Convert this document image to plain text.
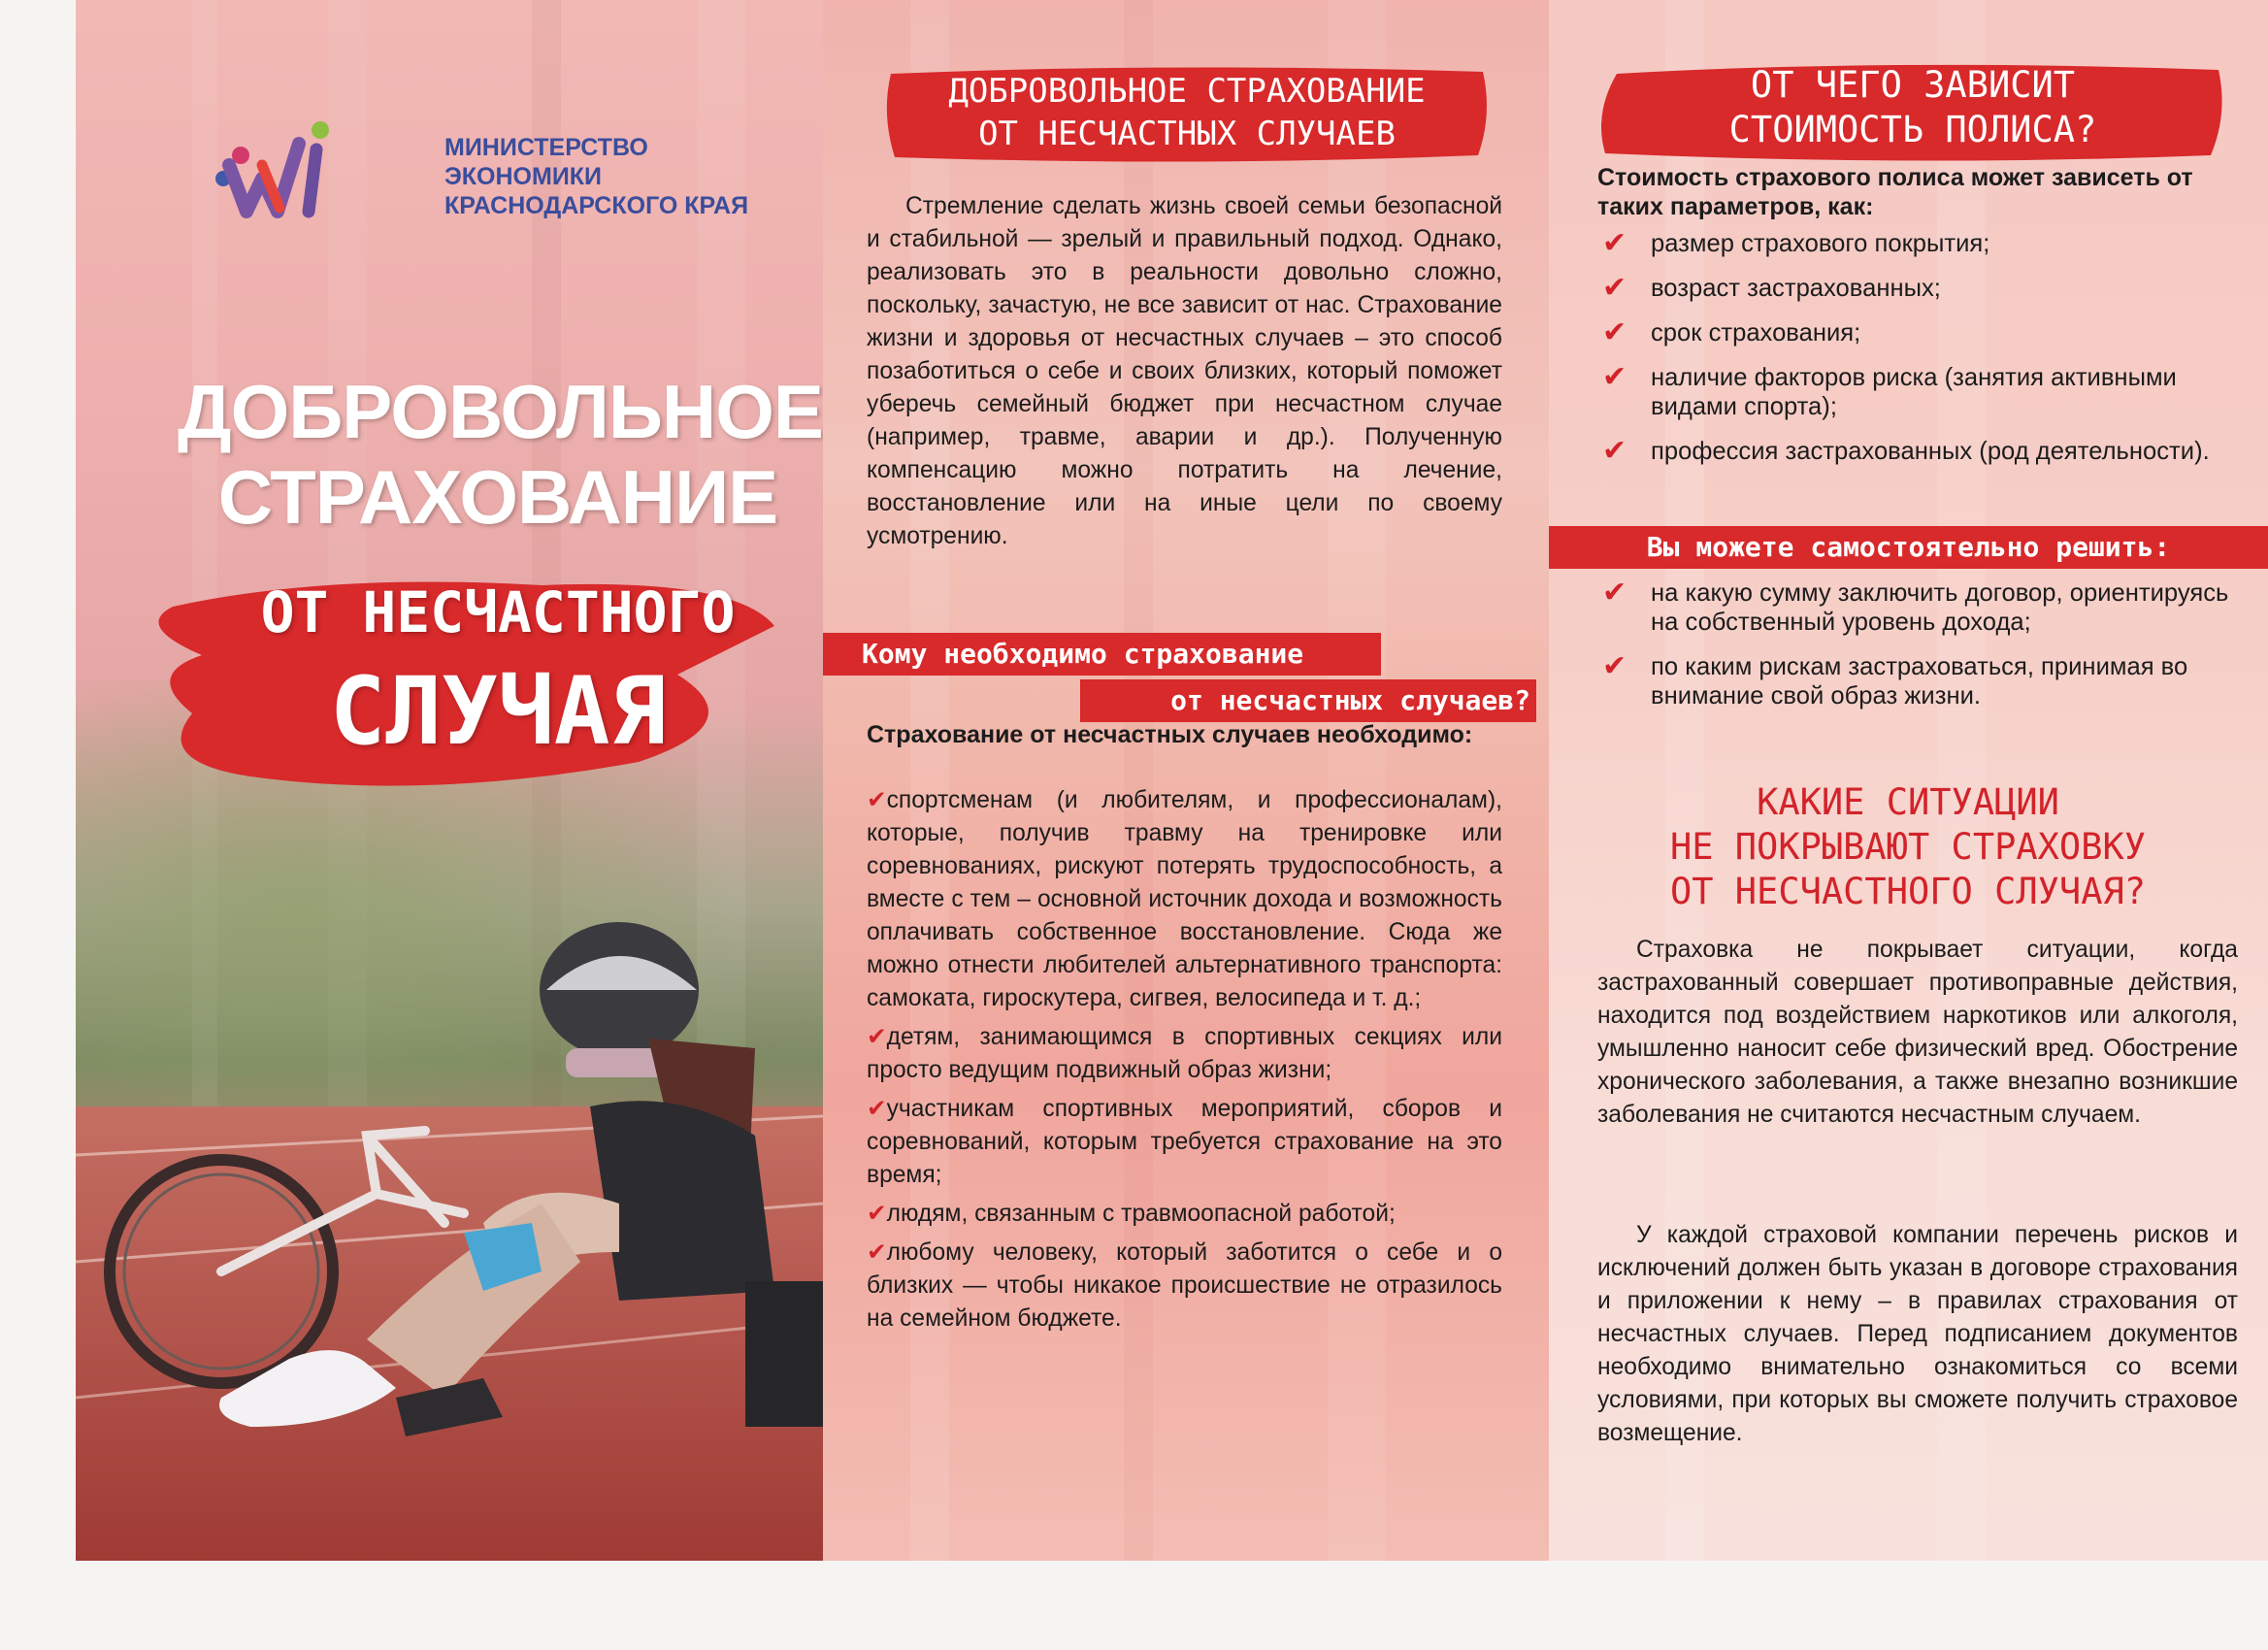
МИНИСТЕРСТВО
ЭКОНОМИКИ
КРАСНОДАРСКОГО КРАЯ
ДОБРОВОЛЬНОЕ
СТРАХОВАНИЕ
ОТ НЕСЧАСТНОГО
СЛУЧАЯ
ДОБРОВОЛЬНОЕ СТРАХОВАНИЕ
ОТ НЕСЧАСТНЫХ СЛУЧАЕВ
Стремление сделать жизнь своей семьи безопасной и стабильной — зрелый и правильный подход. Однако, реализовать это в реальности довольно сложно, поскольку, зачастую, не все зависит от нас. Страхование жизни и здоровья от несчастных случаев – это способ позаботиться о себе и своих близких, который поможет уберечь семейный бюджет при несчастном случае (например, травме, аварии и др.). Полученную компенсацию можно потратить на лечение, восстановление или на иные цели по своему усмотрению.
Кому необходимо страхование
от несчастных случаев?
Страхование от несчастных случаев необходимо:
✔спортсменам (и любителям, и профессионалам), которые, получив травму на тренировке или соревнованиях, рискуют потерять трудоспособность, а вместе с тем – основной источник дохода и возможность оплачивать собственное восстановление. Сюда же можно отнести любителей альтернативного транспорта: самоката, гироскутера, сигвея, велосипеда и т. д.;
✔детям, занимающимся в спортивных секциях или просто ведущим подвижный образ жизни;
✔участникам спортивных мероприятий, сборов и соревнований, которым требуется страхование на это время;
✔людям, связанным с травмоопасной работой;
✔любому человеку, который заботится о себе и о близких — чтобы никакое происшествие не отразилось на семейном бюджете.
ОТ ЧЕГО ЗАВИСИТ
СТОИМОСТЬ ПОЛИСА?
Стоимость страхового полиса может зависеть от таких параметров, как:
✔ размер страхового покрытия;
✔ возраст застрахованных;
✔ срок страхования;
✔ наличие факторов риска (занятия активными видами спорта);
✔ профессия застрахованных (род деятельности).
Вы можете самостоятельно решить:
✔ на какую сумму заключить договор, ориентируясь на собственный уровень дохода;
✔ по каким рискам застраховаться, принимая во внимание свой образ жизни.
КАКИЕ СИТУАЦИИ
НЕ ПОКРЫВАЮТ СТРАХОВКУ
ОТ НЕСЧАСТНОГО СЛУЧАЯ?
Страховка не покрывает ситуации, когда застрахованный совершает противоправные действия, находится под воздействием наркотиков или алкоголя, умышленно наносит себе физический вред. Обострение хронического заболевания, а также внезапно возникшие заболевания не считаются несчастным случаем.
У каждой страховой компании перечень рисков и исключений должен быть указан в договоре страхования и приложении к нему – в правилах страхования от несчастных случаев. Перед подписанием документов необходимо внимательно ознакомиться со всеми условиями, при которых вы сможете получить страховое возмещение.
